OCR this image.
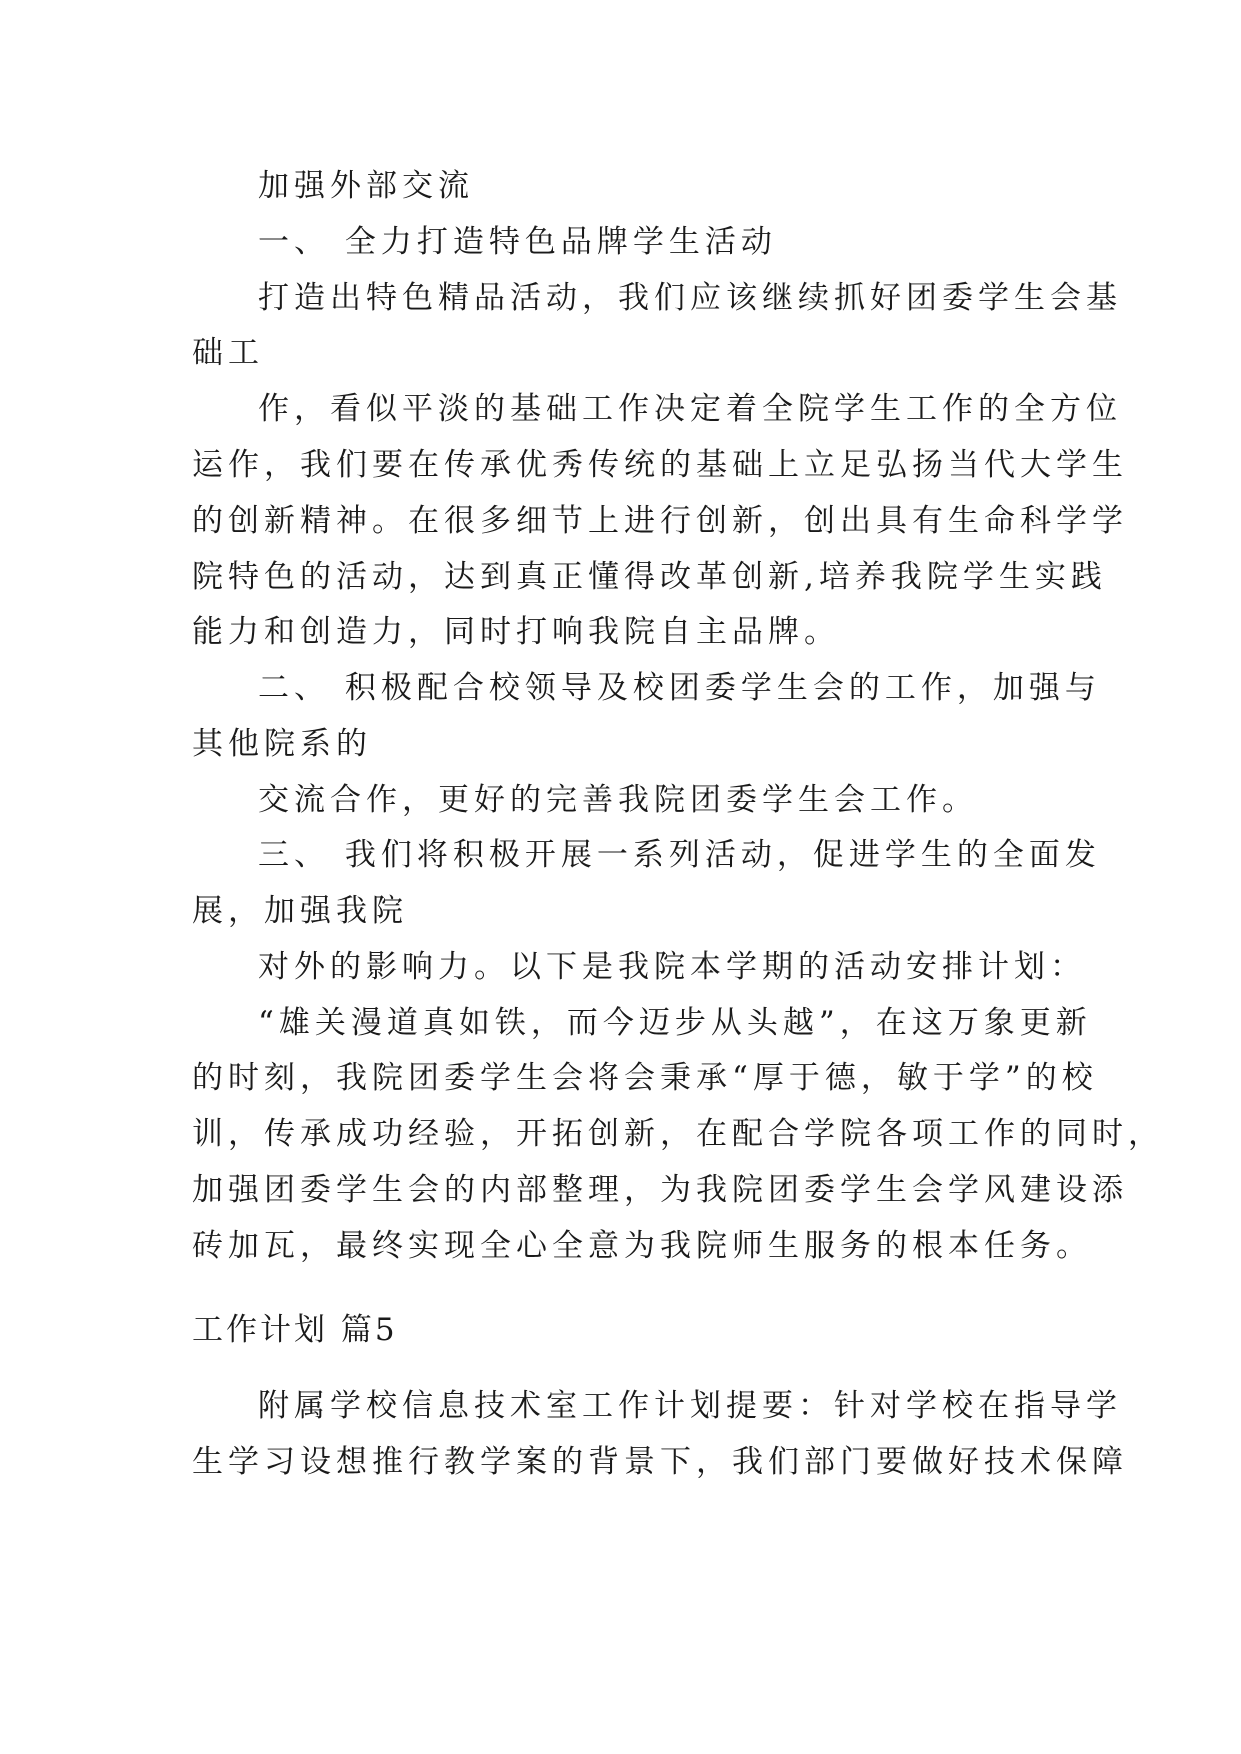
加强外部交流
一、 全力打造特色品牌学生活动
打造出特色精品活动，我们应该继续抓好团委学生会基
础工
作，看似平淡的基础工作决定着全院学生工作的全方位
运作，我们要在传承优秀传统的基础上立足弘扬当代大学生
的创新精神。在很多细节上进行创新，创出具有生命科学学
院特色的活动，达到真正懂得改革创新,培养我院学生实践
能力和创造力，同时打响我院自主品牌。
二、 积极配合校领导及校团委学生会的工作，加强与
其他院系的
交流合作，更好的完善我院团委学生会工作。
三、 我们将积极开展一系列活动，促进学生的全面发
展，加强我院
对外的影响力。以下是我院本学期的活动安排计划：
“雄关漫道真如铁，而今迈步从头越”，在这万象更新
的时刻，我院团委学生会将会秉承“厚于德，敏于学”的校
训，传承成功经验，开拓创新，在配合学院各项工作的同时，
加强团委学生会的内部整理，为我院团委学生会学风建设添
砖加瓦，最终实现全心全意为我院师生服务的根本任务。
工作计划 篇5
附属学校信息技术室工作计划提要：针对学校在指导学
生学习设想推行教学案的背景下，我们部门要做好技术保障
